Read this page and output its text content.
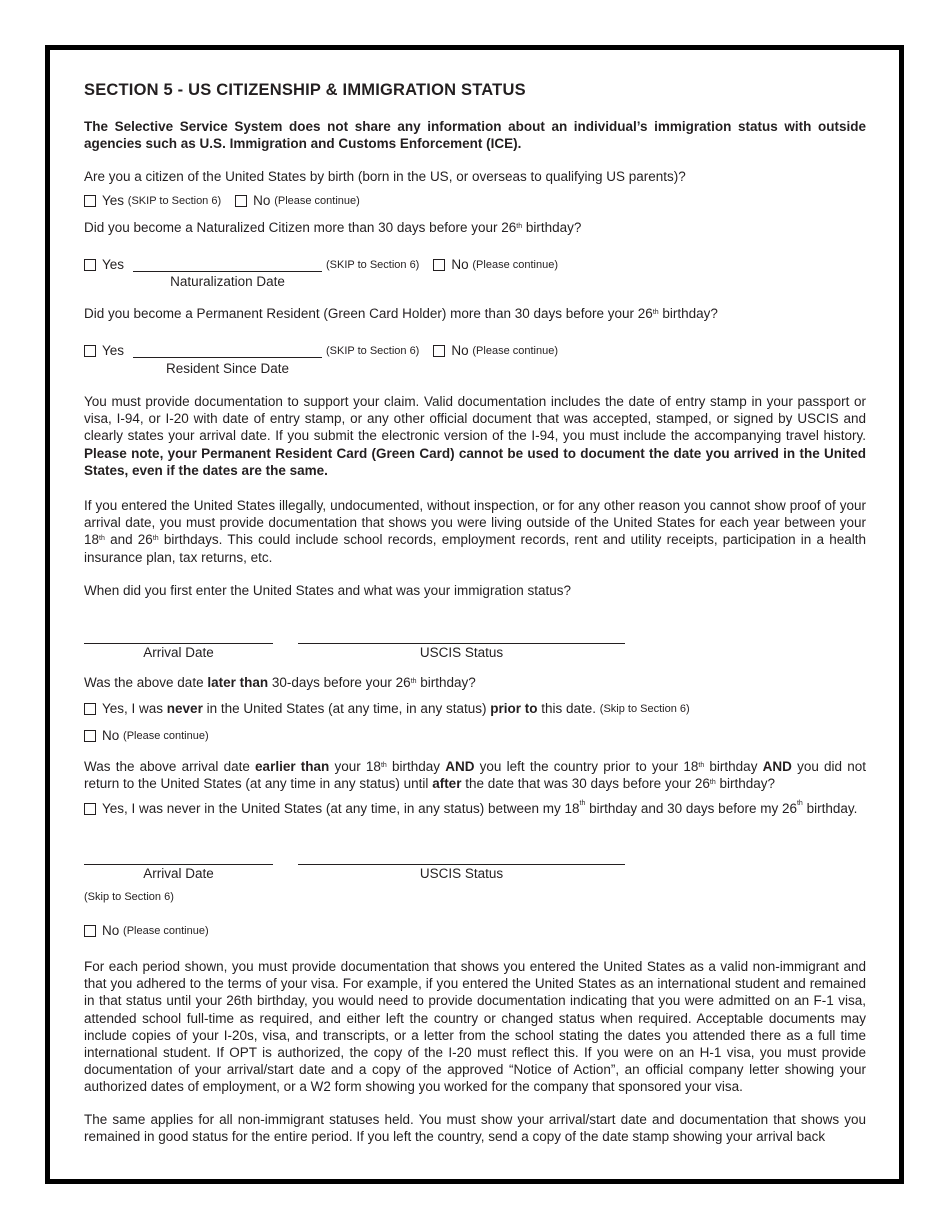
SECTION 5 - US CITIZENSHIP & IMMIGRATION STATUS
The Selective Service System does not share any information about an individual’s immigration status with outside agencies such as U.S. Immigration and Customs Enforcement (ICE).
Are you a citizen of the United States by birth (born in the US, or overseas to qualifying US parents)?
Yes
(SKIP to Section 6) No
(Please continue)
Did you become a Naturalized Citizen more than 30 days before your 26th birthday?
Yes	(SKIP to Section 6) No
(Please continue)
Naturalization Date
Did you become a Permanent Resident (Green Card Holder) more than 30 days before your 26th birthday?
Yes	(SKIP to Section 6) No
(Please continue)
Resident Since Date
You must provide documentation to support your claim. Valid documentation includes the date of entry stamp in your passport or visa, I-94, or I-20 with date of entry stamp, or any other official document that was accepted, stamped, or signed by USCIS and clearly states your arrival date. If you submit the electronic version of the I-94, you must include the accompanying travel history. Please note, your Permanent Resident Card (Green Card) cannot be used to document the date you arrived in the United States, even if the dates are the same.
If you entered the United States illegally, undocumented, without inspection, or for any other reason you cannot show proof of your arrival date, you must provide documentation that shows you were living outside of the United States for each year between your 18th and 26th birthdays. This could include school records, employment records, rent and utility receipts, participation in a health insurance plan, tax returns, etc.
When did you first enter the United States and what was your immigration status?
Arrival Date	USCIS Status
Was the above date later than 30-days before your 26th birthday?
Yes, I was never in the United States (at any time, in any status) prior to this date.
(Skip to Section 6)
No
(Please continue)
Was the above arrival date earlier than your 18th birthday AND you left the country prior to your 18th birthday AND you did not return to the United States (at any time in any status) until after the date that was 30 days before your 26th birthday?
Yes, I was never in the United States (at any time, in any status) between my 18th birthday and 30 days before my 26th birthday.
Arrival Date	USCIS Status
(Skip to Section 6)
No
(Please continue)
For each period shown, you must provide documentation that shows you entered the United States as a valid non-immigrant and that you adhered to the terms of your visa. For example, if you entered the United States as an international student and remained in that status until your 26th birthday, you would need to provide documentation indicating that you were admitted on an F-1 visa, attended school full-time as required, and either left the country or changed status when required. Acceptable documents may include copies of your I-20s, visa, and transcripts, or a letter from the school stating the dates you attended there as a full time international student. If OPT is authorized, the copy of the I-20 must reflect this. If you were on an H-1 visa, you must provide documentation of your arrival/start date and a copy of the approved “Notice of Action”, an official company letter showing your authorized dates of employment, or a W2 form showing you worked for the company that sponsored your visa.
The same applies for all non-immigrant statuses held. You must show your arrival/start date and documentation that shows you remained in good status for the entire period. If you left the country, send a copy of the date stamp showing your arrival back
